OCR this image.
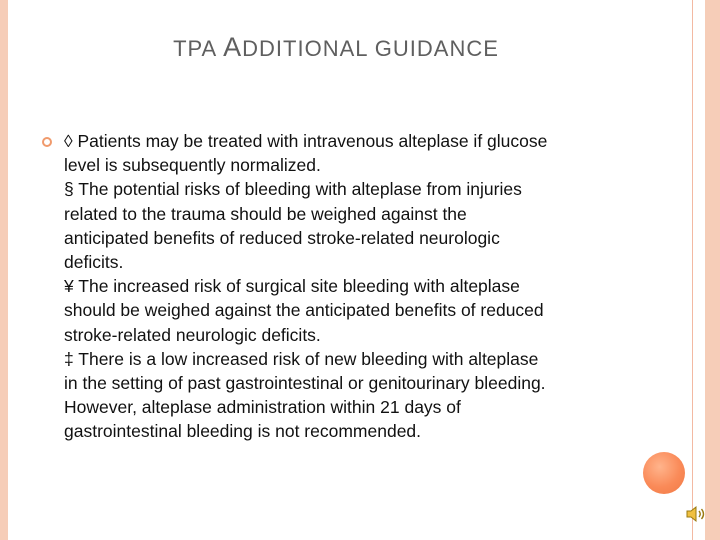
TPA ADDITIONAL GUIDANCE
◊ Patients may be treated with intravenous alteplase if glucose
level is subsequently normalized.
§ The potential risks of bleeding with alteplase from injuries
related to the trauma should be weighed against the
anticipated benefits of reduced stroke-related neurologic
deficits.
¥ The increased risk of surgical site bleeding with alteplase
should be weighed against the anticipated benefits of reduced
stroke-related neurologic deficits.
‡ There is a low increased risk of new bleeding with alteplase
in the setting of past gastrointestinal or genitourinary bleeding.
However, alteplase administration within 21 days of
gastrointestinal bleeding is not recommended.
